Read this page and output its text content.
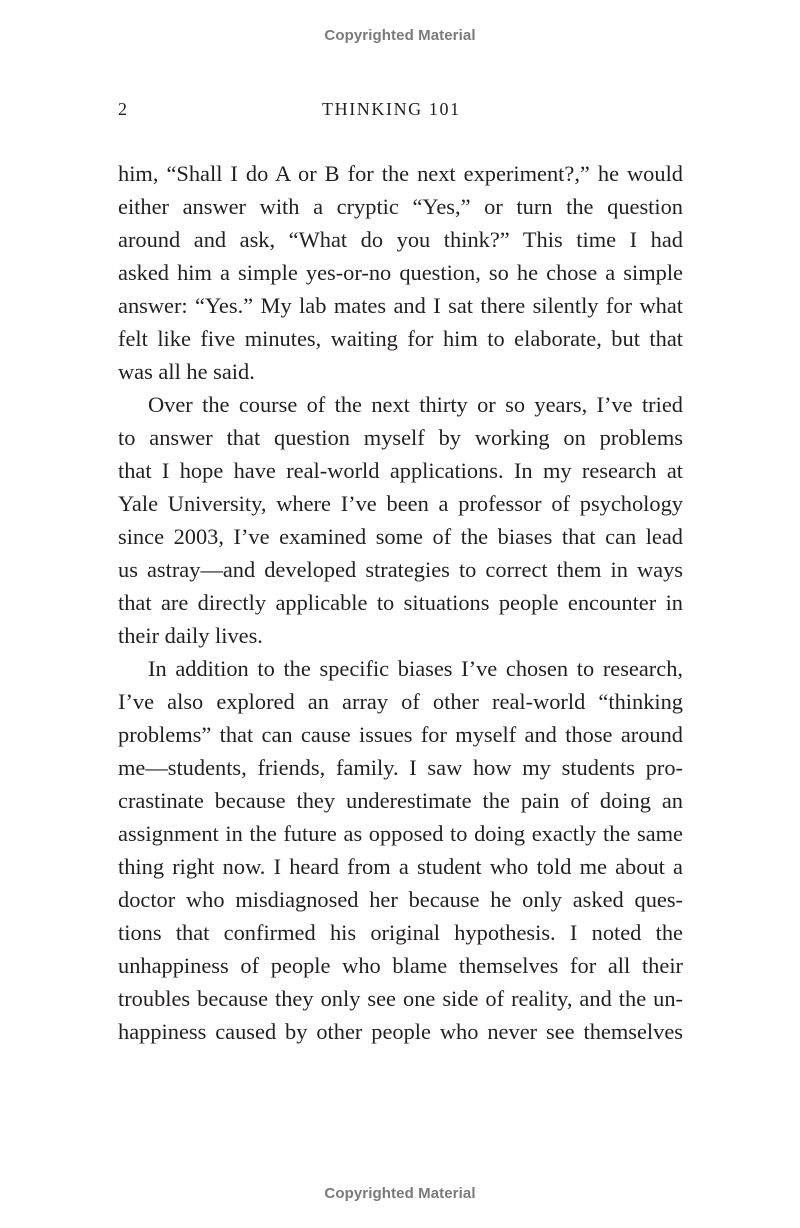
Copyrighted Material
2	THINKING 101
him, “Shall I do A or B for the next experiment?,” he would
either answer with a cryptic “Yes,” or turn the question
around and ask, “What do you think?” This time I had
asked him a simple yes-or-no question, so he chose a simple
answer: “Yes.” My lab mates and I sat there silently for what
felt like five minutes, waiting for him to elaborate, but that
was all he said.
Over the course of the next thirty or so years, I’ve tried
to answer that question myself by working on problems
that I hope have real-world applications. In my research at
Yale University, where I’ve been a professor of psychology
since 2003, I’ve examined some of the biases that can lead
us astray—and developed strategies to correct them in ways
that are directly applicable to situations people encounter in
their daily lives.
In addition to the specific biases I’ve chosen to research,
I’ve also explored an array of other real-world “thinking
problems” that can cause issues for myself and those around
me—students, friends, family. I saw how my students pro-
crastinate because they underestimate the pain of doing an
assignment in the future as opposed to doing exactly the same
thing right now. I heard from a student who told me about a
doctor who misdiagnosed her because he only asked ques-
tions that confirmed his original hypothesis. I noted the
unhappiness of people who blame themselves for all their
troubles because they only see one side of reality, and the un-
happiness caused by other people who never see themselves
Copyrighted Material
